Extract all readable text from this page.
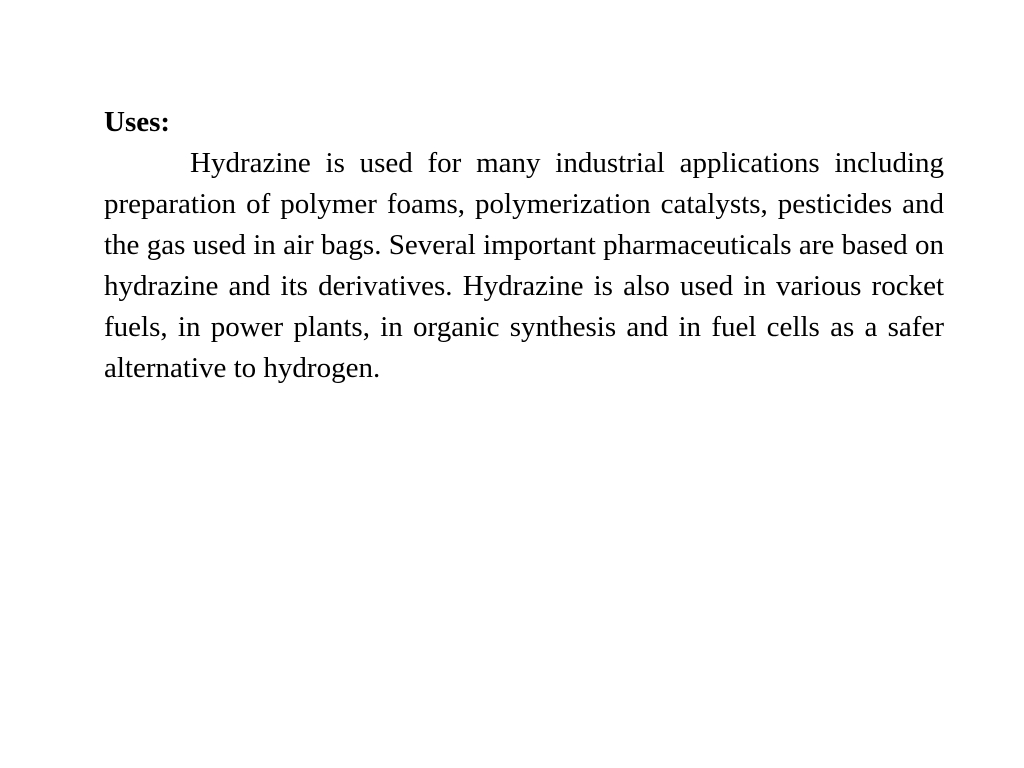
Uses:

Hydrazine is used for many industrial applications including preparation of polymer foams, polymerization catalysts, pesticides and the gas used in air bags. Several important pharmaceuticals are based on hydrazine and its derivatives. Hydrazine is also used in various rocket fuels, in power plants, in organic synthesis and in fuel cells as a safer alternative to hydrogen.
